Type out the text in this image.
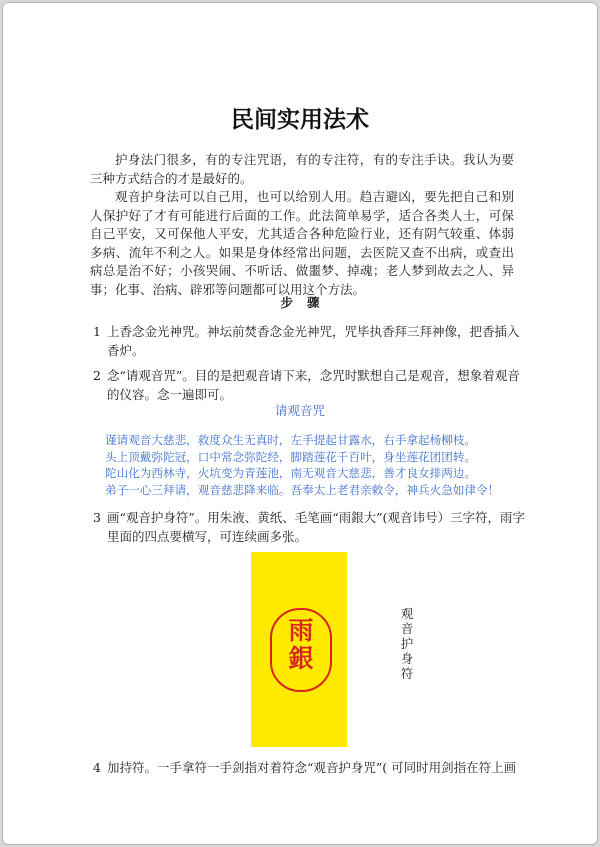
民间实用法术
护身法门很多，有的专注咒语，有的专注符，有的专注手诀。我认为要三种方式结合的才是最好的。
观音护身法可以自己用，也可以给别人用。趋吉避凶，要先把自己和别人保护好了才有可能进行后面的工作。此法简单易学，适合各类人士，可保自己平安，又可保他人平安，尤其适合各种危险行业，还有阴气较重、体弱多病、流年不利之人。如果是身体经常出问题，去医院又查不出病，或查出病总是治不好；小孩哭闹、不听话、做噩梦、掉魂；老人梦到故去之人、异事；化事、治病、辟邪等问题都可以用这个方法。
步骤
1 上香念金光神咒。神坛前焚香念金光神咒，咒毕执香拜三拜神像，把香插入香炉。
2 念“请观音咒”。目的是把观音请下来，念咒时默想自己是观音，想象着观音的仪容。念一遍即可。
请观音咒
谨请观音大慈悲，救度众生无真时，左手提起甘露水，右手拿起杨柳枝。
头上顶戴弥陀冠，口中常念弥陀经，脚踏莲花千百叶，身坐莲花团团转。
陀山化为西林寺，火坑变为青莲池，南无观音大慈悲，善才良女排两边。
弟子一心三拜请，观音慈悲降来临。吾奉太上老君亲敕令，神兵火急如律令！
3 画“观音护身符”。用朱液、黄纸、毛笔画“雨銀大”(观音讳号）三字符，雨字里面的四点要横写，可连续画多张。
雨
銀
观音护身符
4 加持符。一手拿符一手剑指对着符念“观音护身咒”( 可同时用剑指在符上画
